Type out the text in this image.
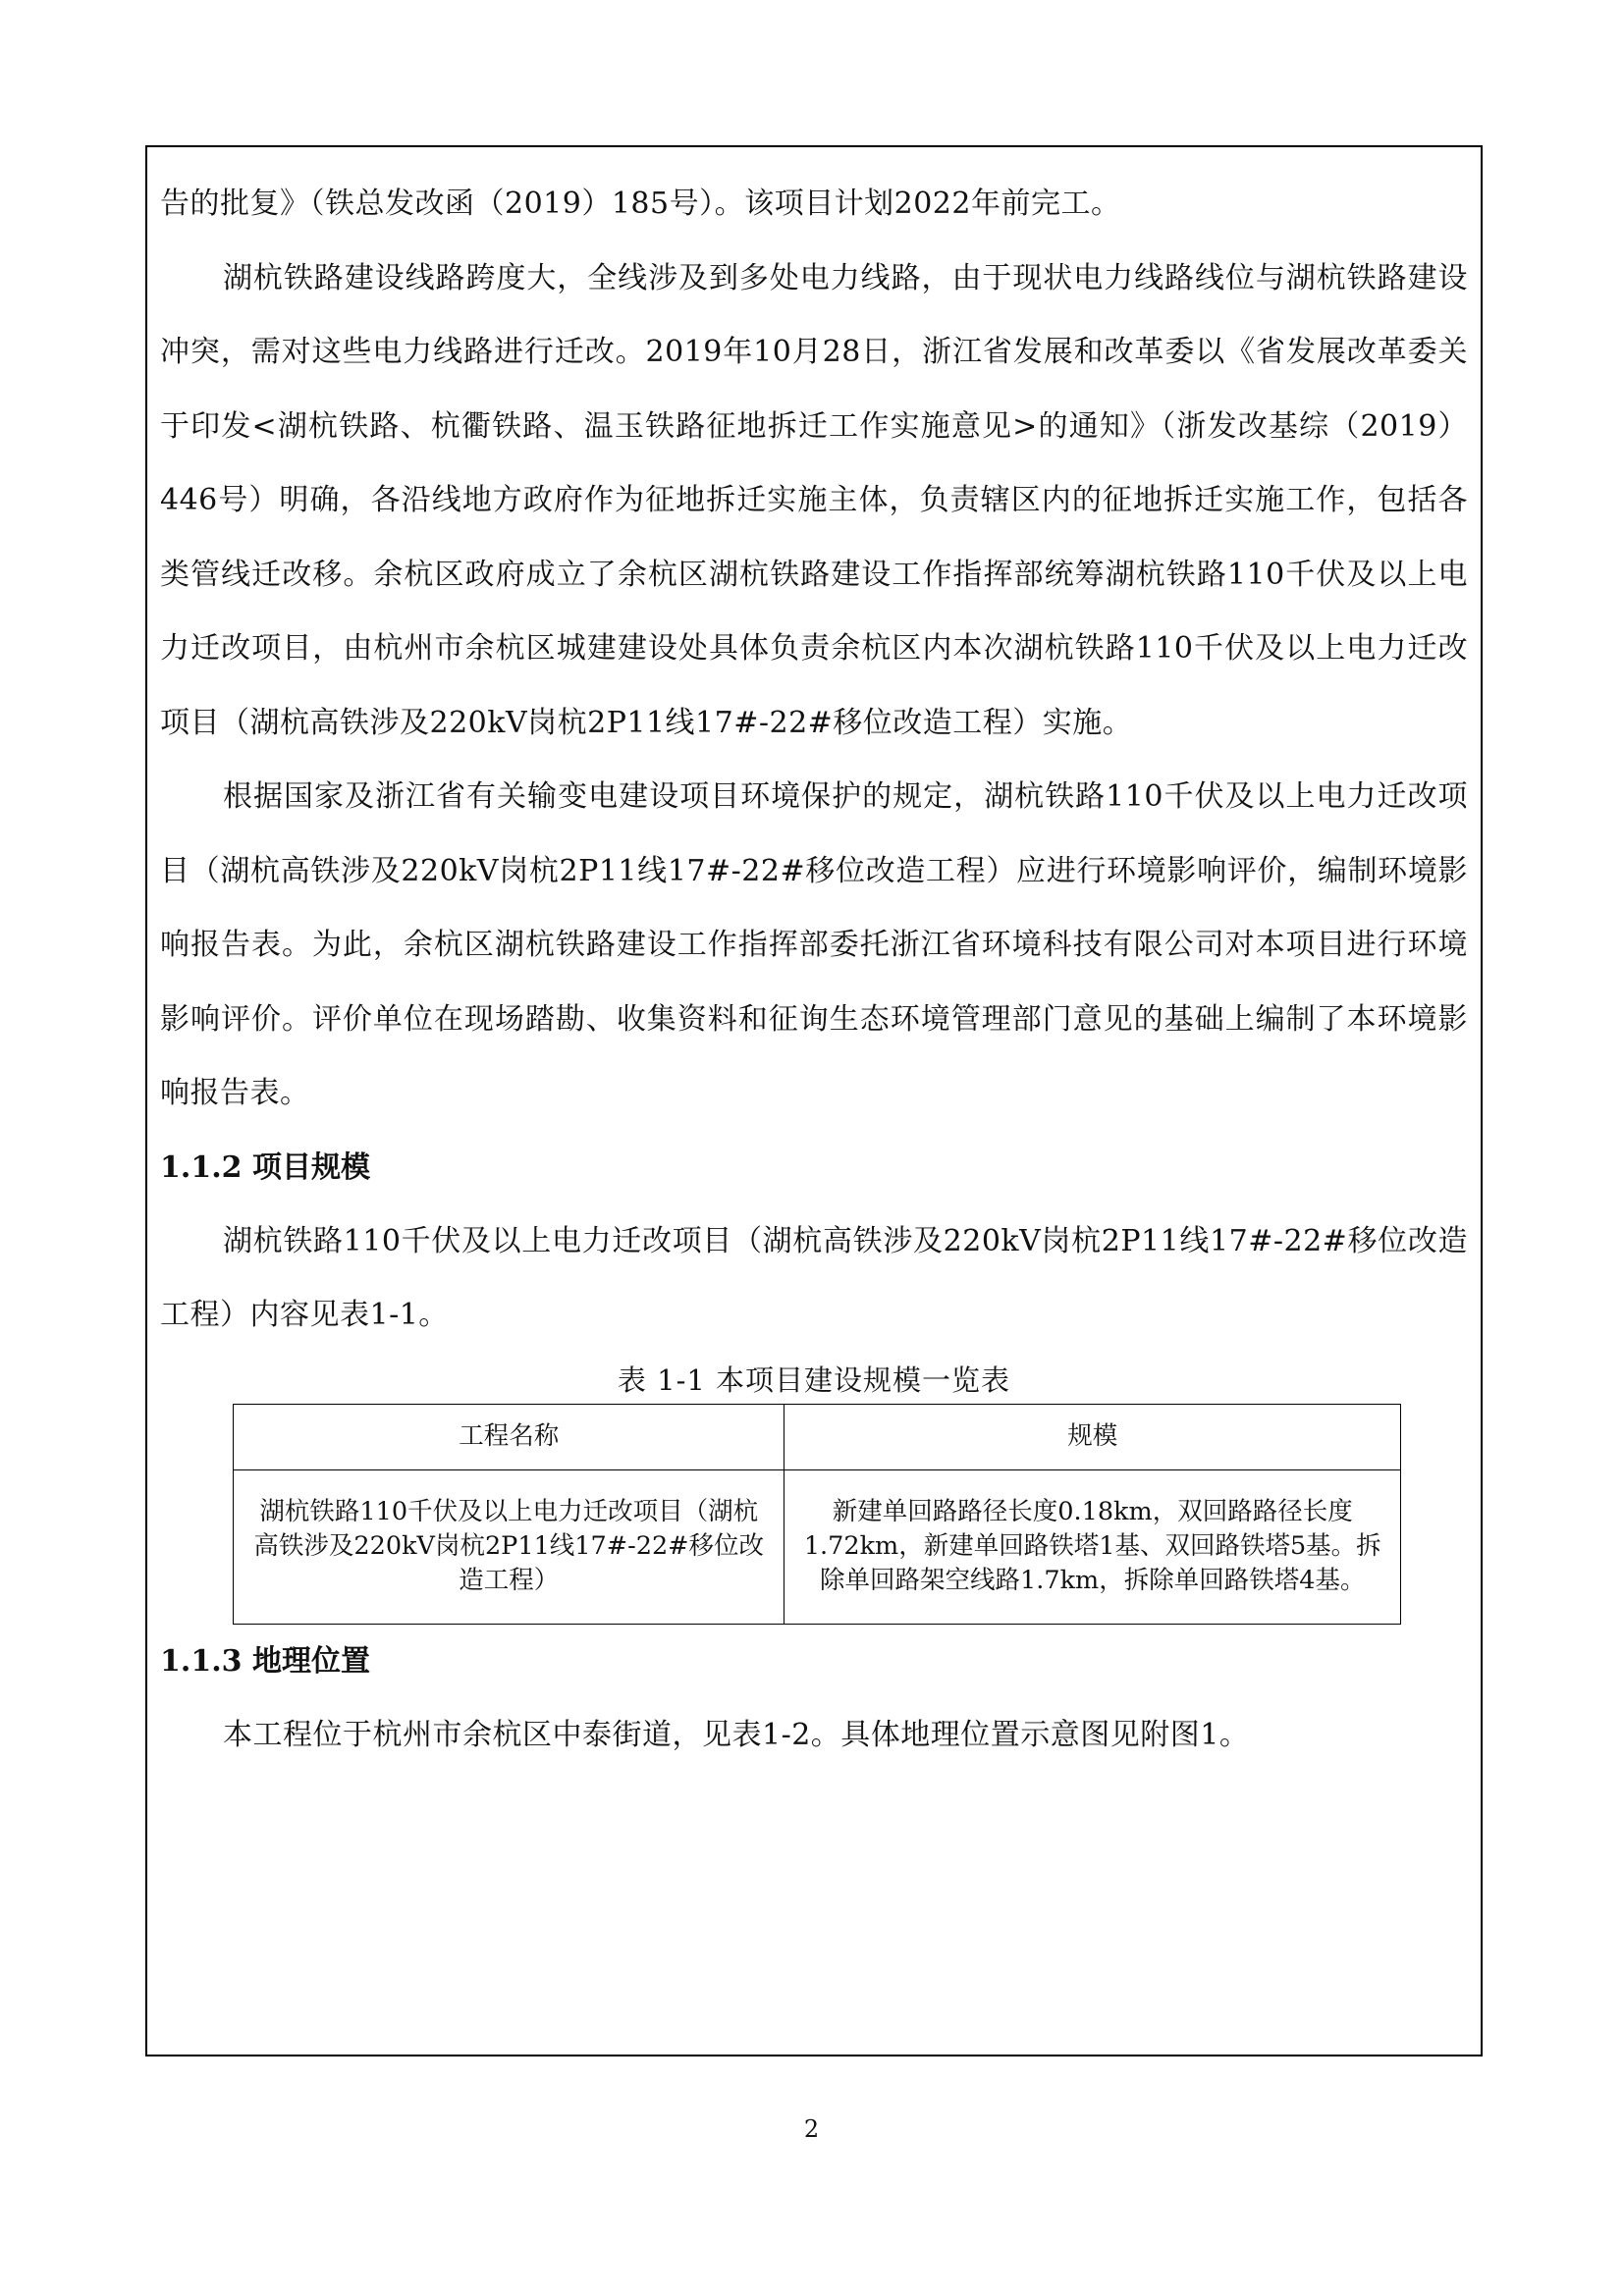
告的批复》（铁总发改函（2019）185号）。该项目计划2022年前完工。

湖杭铁路建设线路跨度大，全线涉及到多处电力线路，由于现状电力线路线位与湖杭铁路建设冲突，需对这些电力线路进行迁改。2019年10月28日，浙江省发展和改革委以《省发展改革委关于印发<湖杭铁路、杭衢铁路、温玉铁路征地拆迁工作实施意见>的通知》（浙发改基综（2019）446号）明确，各沿线地方政府作为征地拆迁实施主体，负责辖区内的征地拆迁实施工作，包括各类管线迁改移。余杭区政府成立了余杭区湖杭铁路建设工作指挥部统筹湖杭铁路110千伏及以上电力迁改项目，由杭州市余杭区城建建设处具体负责余杭区内本次湖杭铁路110千伏及以上电力迁改项目（湖杭高铁涉及220kV岗杭2P11线17#-22#移位改造工程）实施。

根据国家及浙江省有关输变电建设项目环境保护的规定，湖杭铁路110千伏及以上电力迁改项目（湖杭高铁涉及220kV岗杭2P11线17#-22#移位改造工程）应进行环境影响评价，编制环境影响报告表。为此，余杭区湖杭铁路建设工作指挥部委托浙江省环境科技有限公司对本项目进行环境影响评价。评价单位在现场踏勘、收集资料和征询生态环境管理部门意见的基础上编制了本环境影响报告表。

1.1.2 项目规模

湖杭铁路110千伏及以上电力迁改项目（湖杭高铁涉及220kV岗杭2P11线17#-22#移位改造工程）内容见表1-1。

表 1-1 本项目建设规模一览表
工程名称	规模
湖杭铁路110千伏及以上电力迁改项目（湖杭高铁涉及220kV岗杭2P11线17#-22#移位改造工程）	新建单回路路径长度0.18km，双回路路径长度1.72km，新建单回路铁塔1基、双回路铁塔5基。拆除单回路架空线路1.7km，拆除单回路铁塔4基。
1.1.3 地理位置

本工程位于杭州市余杭区中泰街道，见表1-2。具体地理位置示意图见附图1。

2
